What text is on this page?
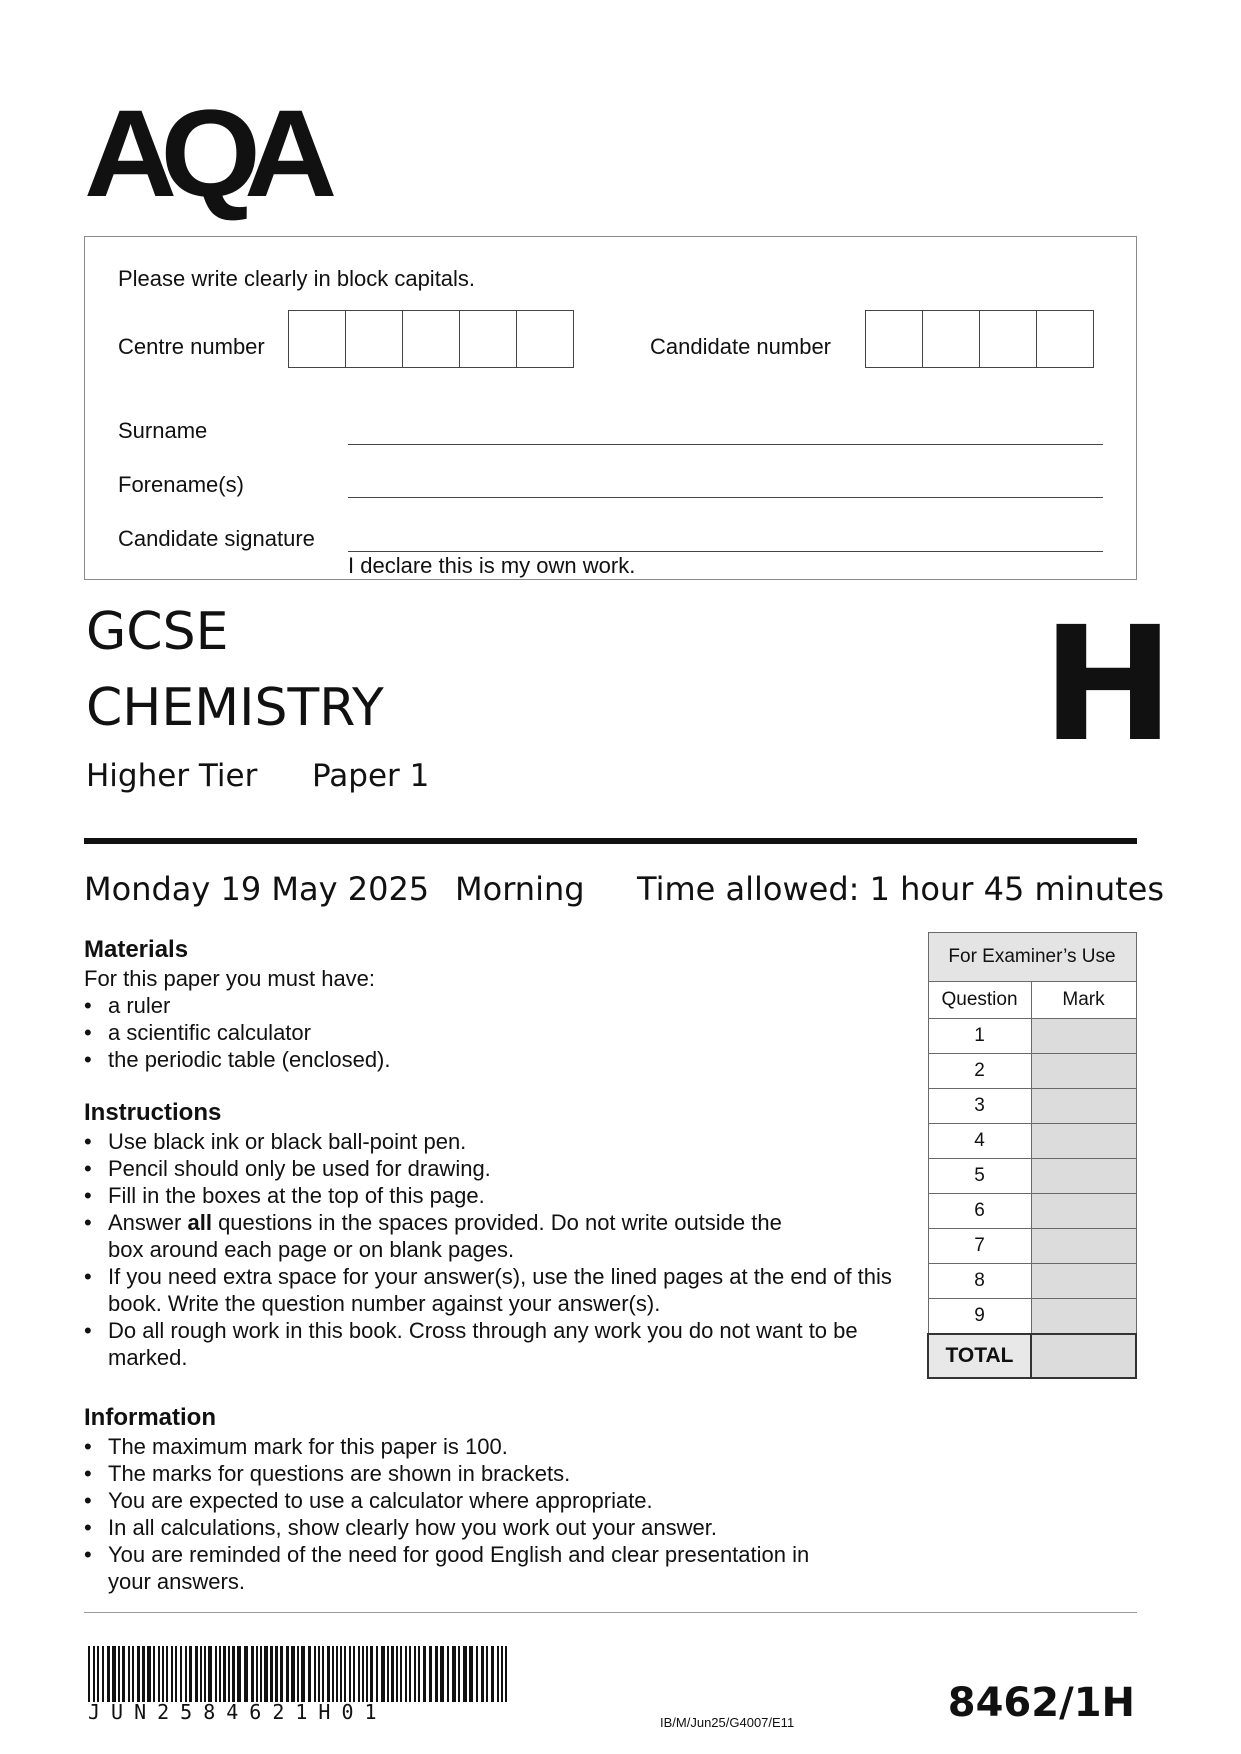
AQA
Please write clearly in block capitals.
Centre number	Candidate number
Surname
Forename(s)
Candidate signature
I declare this is my own work.
GCSE
CHEMISTRY
Higher Tier Paper 1	H
Monday 19 May 2025 Morning Time allowed: 1 hour 45 minutes
Materials
For this paper you must have:
• a ruler
• a scientific calculator
• the periodic table (enclosed).
Instructions
• Use black ink or black ball-point pen.
• Pencil should only be used for drawing.
• Fill in the boxes at the top of this page.
• Answer all questions in the spaces provided. Do not write outside the box around each page or on blank pages.
• If you need extra space for your answer(s), use the lined pages at the end of this book. Write the question number against your answer(s).
• Do all rough work in this book. Cross through any work you do not want to be marked.
Information
• The maximum mark for this paper is 100.
• The marks for questions are shown in brackets.
• You are expected to use a calculator where appropriate.
• In all calculations, show clearly how you work out your answer.
• You are reminded of the need for good English and clear presentation in your answers.
For Examiner’s Use	
Question	Mark
1	
2	
3	
4	
5	
6	
7	
8	
9	
TOTAL	
JUN2584621H01	IB/M/Jun25/G4007/E11	8462/1H
